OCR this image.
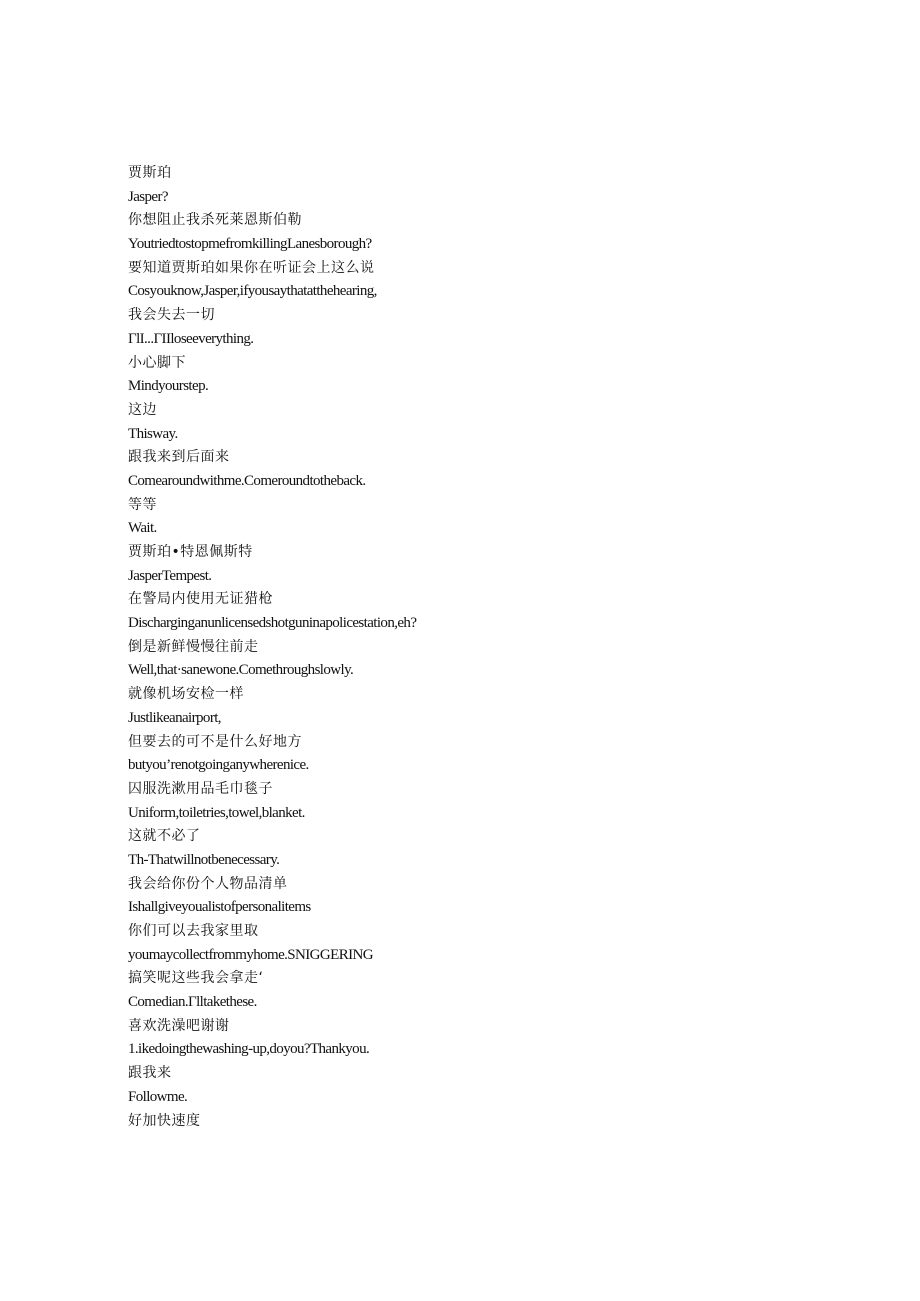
贾斯珀
Jasper?
你想阻止我杀死莱恩斯伯勒
YoutriedtostopmefromkillingLanesborough?
要知道贾斯珀如果你在听证会上这么说
Cosyouknow,Jasper,ifyousaythatatthehearing,
我会失去一切
ΓlI...ΓIIloseeverything.
小心脚下
Mindyourstep.
这边
Thisway.
跟我来到后面来
Comearoundwithme.Comeroundtotheback.
等等
Wait.
贾斯珀•特恩佩斯特
JasperTempest.
在警局内使用无证猎枪
Discharginganunlicensedshotguninapolicestation,eh?
倒是新鲜慢慢往前走
Well,that·sanewone.Comethroughslowly.
就像机场安检一样
Justlikeanairport,
但要去的可不是什么好地方
butyou’renotgoinganywherenice.
囚服洗漱用品毛巾毯子
Uniform,toiletries,towel,blanket.
这就不必了
Th-Thatwillnotbenecessary.
我会给你份个人物品清单
Ishallgiveyoualistofpersonalitems
你们可以去我家里取
youmaycollectfrommyhome.SNIGGERING
搞笑呢这些我会拿走‘
Comedian.Γlltakethese.
喜欢洗澡吧谢谢
1.ikedoingthewashing-up,doyou?Thankyou.
跟我来
Followme.
好加快速度
